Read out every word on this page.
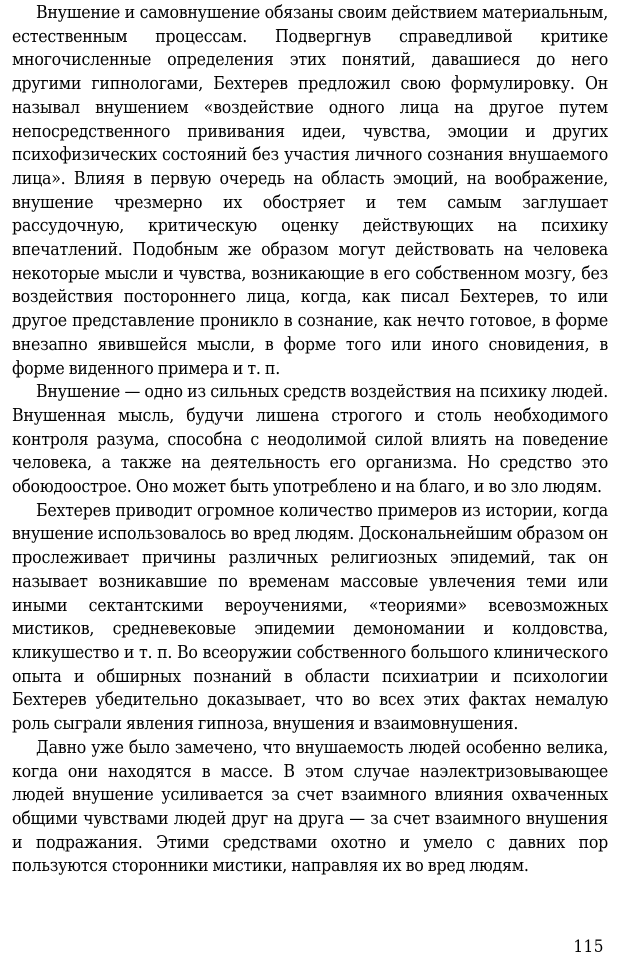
Внушение и самовнушение обязаны своим действием материальным, естественным процессам. Подвергнув справедливой критике многочисленные определения этих понятий, давашиеся до него другими гипнологами, Бехтерев предложил свою формулировку. Он называл внушением «воздействие одного лица на другое путем непосредственного прививания идеи, чувства, эмоции и других психофизических состояний без участия личного сознания внушаемого лица». Влияя в первую очередь на область эмоций, на воображение, внушение чрезмерно их обостряет и тем самым заглушает рассудочную, критическую оценку действующих на психику впечатлений. Подобным же образом могут действовать на человека некоторые мысли и чувства, возникающие в его собственном мозгу, без воздействия постороннего лица, когда, как писал Бехтерев, то или другое представление проникло в сознание, как нечто готовое, в форме внезапно явившейся мысли, в форме того или иного сновидения, в форме виденного примера и т. п.

Внушение — одно из сильных средств воздействия на психику людей. Внушенная мысль, будучи лишена строгого и столь необходимого контроля разума, способна с неодолимой силой влиять на поведение человека, а также на деятельность его организма. Но средство это обоюдоострое. Оно может быть употреблено и на благо, и во зло людям.

Бехтерев приводит огромное количество примеров из истории, когда внушение использовалось во вред людям. Доскональнейшим образом он прослеживает причины различных религиозных эпидемий, так он называет возникавшие по временам массовые увлечения теми или иными сектантскими вероучениями, «теориями» всевозможных мистиков, средневековые эпидемии демономании и колдовства, кликушество и т. п. Во всеоружии собственного большого клинического опыта и обширных познаний в области психиатрии и психологии Бехтерев убедительно доказывает, что во всех этих фактах немалую роль сыграли явления гипноза, внушения и взаимовнушения.

Давно уже было замечено, что внушаемость людей особенно велика, когда они находятся в массе. В этом случае наэлектризовывающее людей внушение усиливается за счет взаимного влияния охваченных общими чувствами людей друг на друга — за счет взаимного внушения и подражания. Этими средствами охотно и умело с давних пор пользуются сторонники мистики, направляя их во вред людям.

115
